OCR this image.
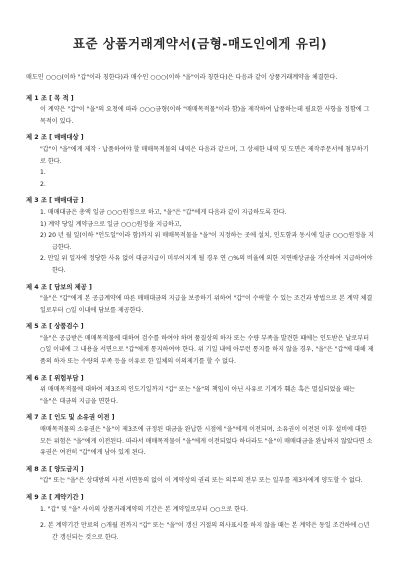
표준 상품거래계약서(금형-매도인에게 유리)

매도인 ○○○(이하 "갑"이라 칭한다)과 매수인 ○○○(이하 "을"이라 칭한다)은 다음과 같이 상품거래계약을 체결한다.

제 1 조 [ 목 적 ]

이 계약은 "갑"이 "을"의 요청에 따라 ○○○금형(이하 "매매목적물"이라 함)을 제작하여 납품하는데 필요한 사항을 정함에 그 목적이 있다.

제 2 조 [ 매매대상 ]

"갑"이 "을"에게 제작ㆍ납품하여야 할 매매목적물의 내역은 다음과 같으며, 그 상세한 내역 및 도면은 제작주문서에 첨부하기로 한다.

1.

2.

제 3 조 [ 매매대금 ]

1. 매매대금은 총액 일금 ○○○원정으로 하고, "을"은 "갑"에게 다음과 같이 지급하도록 한다.

1) 계약 당일 계약금으로 일금 ○○○원정을 지급하고,

2) 20 년 월 일(이하 "인도일"이라 함)까지 위 매매목적물을 "을"이 지정하는 곳에 설치, 인도함과 동시에 일금 ○○○원정을 지급한다.

2. 만일 위 일자에 정당한 사유 없이 대금지급이 미루어지게 될 경우 연 ○%의 비율에 의한 지연배상금을 가산하여 지급하여야 한다.

제 4 조 [ 담보의 제공 ]

"을"은 "갑"에게 본 공급계약에 따른 매매대금의 지급을 보증하기 위하여 "갑"이 수락할 수 있는 조건과 방법으로 본 계약 체결일로부터 ○일 이내에 담보를 제공한다.

제 5 조 [ 상품검수 ]

"을"은 공급받은 매매목적물에 대하여 검수를 하여야 하며 품질상의 하자 또는 수량 부족을 발견한 때에는 인도받은 날로부터 ○일 이내에 그 내용을 서면으로 "갑"에게 통지하여야 한다. 위 기일 내에 아무런 통지를 하지 않을 경우, "을"은 "갑"에 대해 제품의 하자 또는 수량의 부족 등을 이유로 한 일체의 이의제기를 할 수 없다.

제 6 조 [ 위험부담 ]

위 매매목적물에 대하여 제3조의 인도기일까지 "갑" 또는 "을"의 책임이 아닌 사유로 기계가 훼손 혹은 멸실되었을 때는 "을"은 대금의 지급을 면한다.

제 7 조 [ 인도 및 소유권 이전 ]

매매목적물의 소유권은 "을"이 제3조에 규정된 대금을 완납한 시점에 "을"에게 이전되며, 소유권이 이전된 이후 설비에 대한 모든 위험은 "을"에게 이전된다. 따라서 매매목적물이 "을"에게 이전되었다 하더라도 "을"이 매매대금을 완납하지 않았다면 소유권은 여전히 "갑"에게 남아 있게 된다.

제 8 조 [ 양도금지 ]

"갑" 또는 "을"은 상대방의 사전 서면동의 없이 이 계약상의 권리 또는 의무의 전부 또는 일부를 제3자에게 양도할 수 없다.

제 9 조 [ 계약기간 ]

1. "갑" 및 "을" 사이의 상품거래계약의 기간은 본 계약일로부터 ○○으로 한다.

2. 본 계약기간 만료의 ○개월 전까지 "갑" 또는 "을"이 갱신 거절의 의사표시를 하지 않을 때는 본 계약은 동일 조건하에 ○년간 갱신되는 것으로 한다.
